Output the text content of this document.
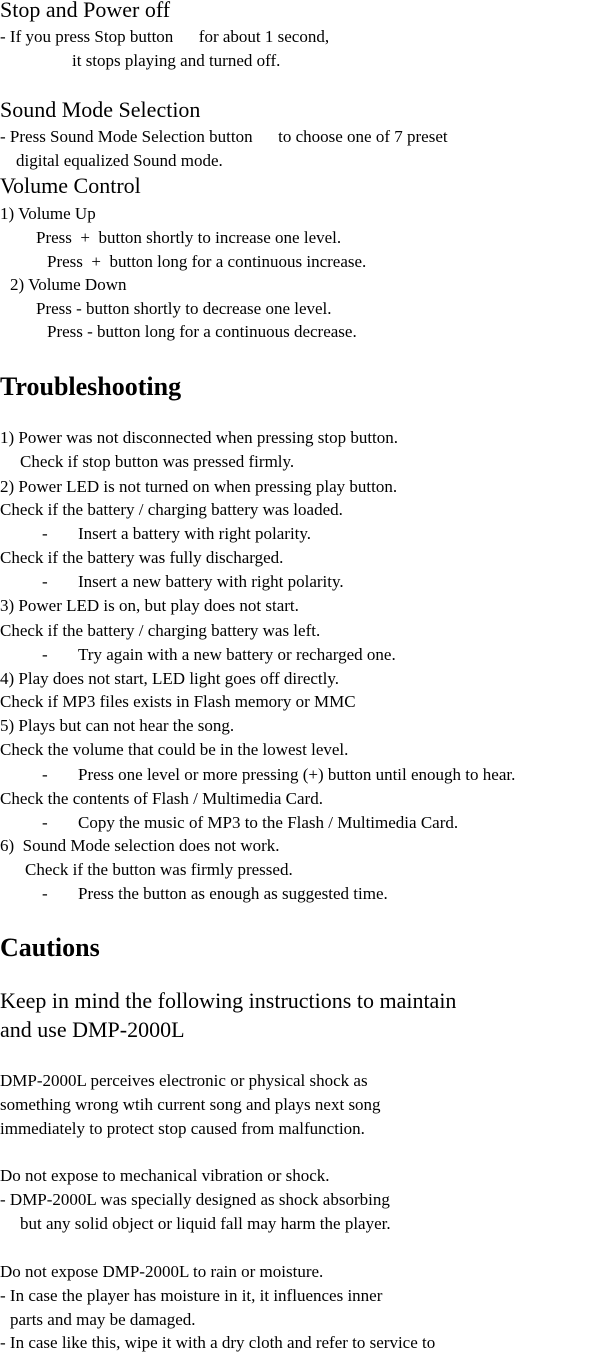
Stop and Power off
- If you press Stop button      for about 1 second,
it stops playing and turned off.
Sound Mode Selection
- Press Sound Mode Selection button      to choose one of 7 preset
digital equalized Sound mode.
Volume Control
1) Volume Up
Press  +  button shortly to increase one level.
Press  +  button long for a continuous increase.
2) Volume Down
Press - button shortly to decrease one level.
Press - button long for a continuous decrease.
Troubleshooting
1) Power was not disconnected when pressing stop button.
Check if stop button was pressed firmly.
2) Power LED is not turned on when pressing play button.
Check if the battery / charging battery was loaded.
- Insert a battery with right polarity.
Check if the battery was fully discharged.
- Insert a new battery with right polarity.
3) Power LED is on, but play does not start.
Check if the battery / charging battery was left.
- Try again with a new battery or recharged one.
4) Play does not start, LED light goes off directly.
Check if MP3 files exists in Flash memory or MMC
5) Plays but can not hear the song.
Check the volume that could be in the lowest level.
- Press one level or more pressing (+) button until enough to hear.
Check the contents of Flash / Multimedia Card.
- Copy the music of MP3 to the Flash / Multimedia Card.
6)  Sound Mode selection does not work.
Check if the button was firmly pressed.
- Press the button as enough as suggested time.
Cautions
Keep in mind the following instructions to maintain
and use DMP-2000L
DMP-2000L perceives electronic or physical shock as
something wrong wtih current song and plays next song
immediately to protect stop caused from malfunction.
Do not expose to mechanical vibration or shock.
- DMP-2000L was specially designed as shock absorbing
but any solid object or liquid fall may harm the player.
Do not expose DMP-2000L to rain or moisture.
- In case the player has moisture in it, it influences inner
parts and may be damaged.
- In case like this, wipe it with a dry cloth and refer to service to
